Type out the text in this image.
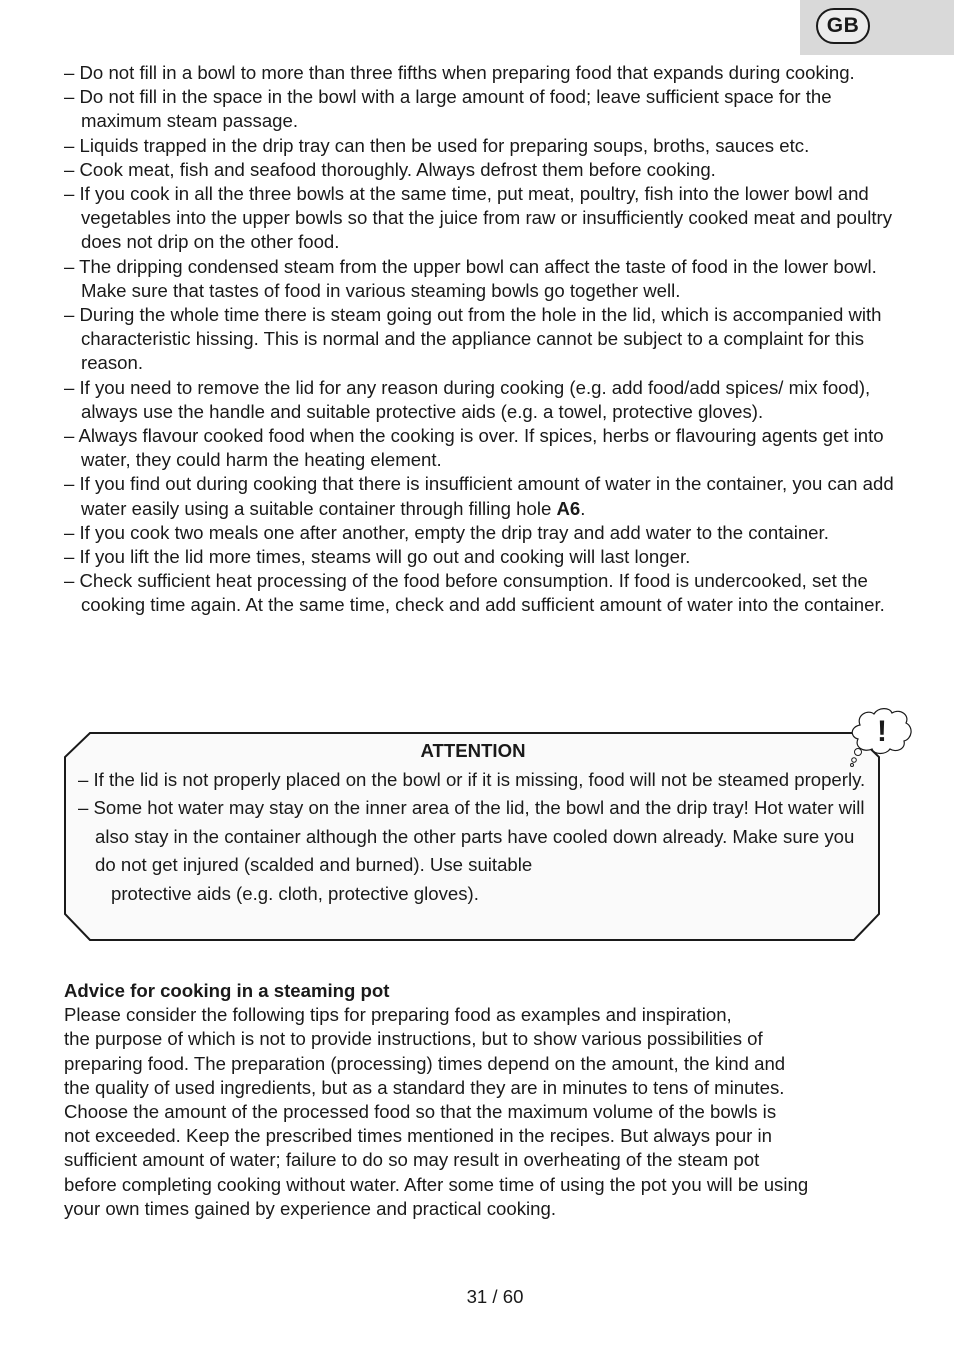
GB

– Do not fill in a bowl to more than three fifths when preparing food that expands during cooking.

– Do not fill in the space in the bowl with a large amount of food; leave sufficient space for the maximum steam passage.

– Liquids trapped in the drip tray can then be used for preparing soups, broths, sauces etc.

– Cook meat, fish and seafood thoroughly. Always defrost them before cooking.

– If you cook in all the three bowls at the same time, put meat, poultry, fish into the lower bowl and vegetables into the upper bowls so that the juice from raw or insufficiently cooked meat and poultry does not drip on the other food.

– The dripping condensed steam from the upper bowl can affect the taste of food in the lower bowl. Make sure that tastes of food in various steaming bowls go together well.

– During the whole time there is steam going out from the hole in the lid, which is accompanied with characteristic hissing. This is normal and the appliance cannot be subject to a complaint for this reason.

– If you need to remove the lid for any reason during cooking (e.g. add food/add spices/ mix food), always use the handle and suitable protective aids (e.g. a towel, protective gloves).

– Always flavour cooked food when the cooking is over. If spices, herbs or flavouring agents get into water, they could harm the heating element.

– If you find out during cooking that there is insufficient amount of water in the container, you can add water easily using a suitable container through filling hole A6.

– If you cook two meals one after another, empty the drip tray and add water to the container.

– If you lift the lid more times, steams will go out and cooking will last longer.

– Check sufficient heat processing of the food before consumption. If food is undercooked, set the cooking time again. At the same time, check and add sufficient amount of water into the container.

ATTENTION

– If the lid is not properly placed on the bowl or if it is missing, food will not be steamed properly.

– Some hot water may stay on the inner area of the lid, the bowl and the drip tray! Hot water will also stay in the container although the other parts have cooled down already. Make sure you do not get injured (scalded and burned). Use suitable
protective aids (e.g. cloth, protective gloves).

!
Advice for cooking in a steaming pot

Please consider the following tips for preparing food as examples and inspiration,

the purpose of which is not to provide instructions, but to show various possibilities of

preparing food. The preparation (processing) times depend on the amount, the kind and

the quality of used ingredients, but as a standard they are in minutes to tens of minutes.

Choose the amount of the processed food so that the maximum volume of the bowls is

not exceeded. Keep the prescribed times mentioned in the recipes. But always pour in

sufficient amount of water; failure to do so may result in overheating of the steam pot

before completing cooking without water. After some time of using the pot you will be using

your own times gained by experience and practical cooking.

31 / 60
